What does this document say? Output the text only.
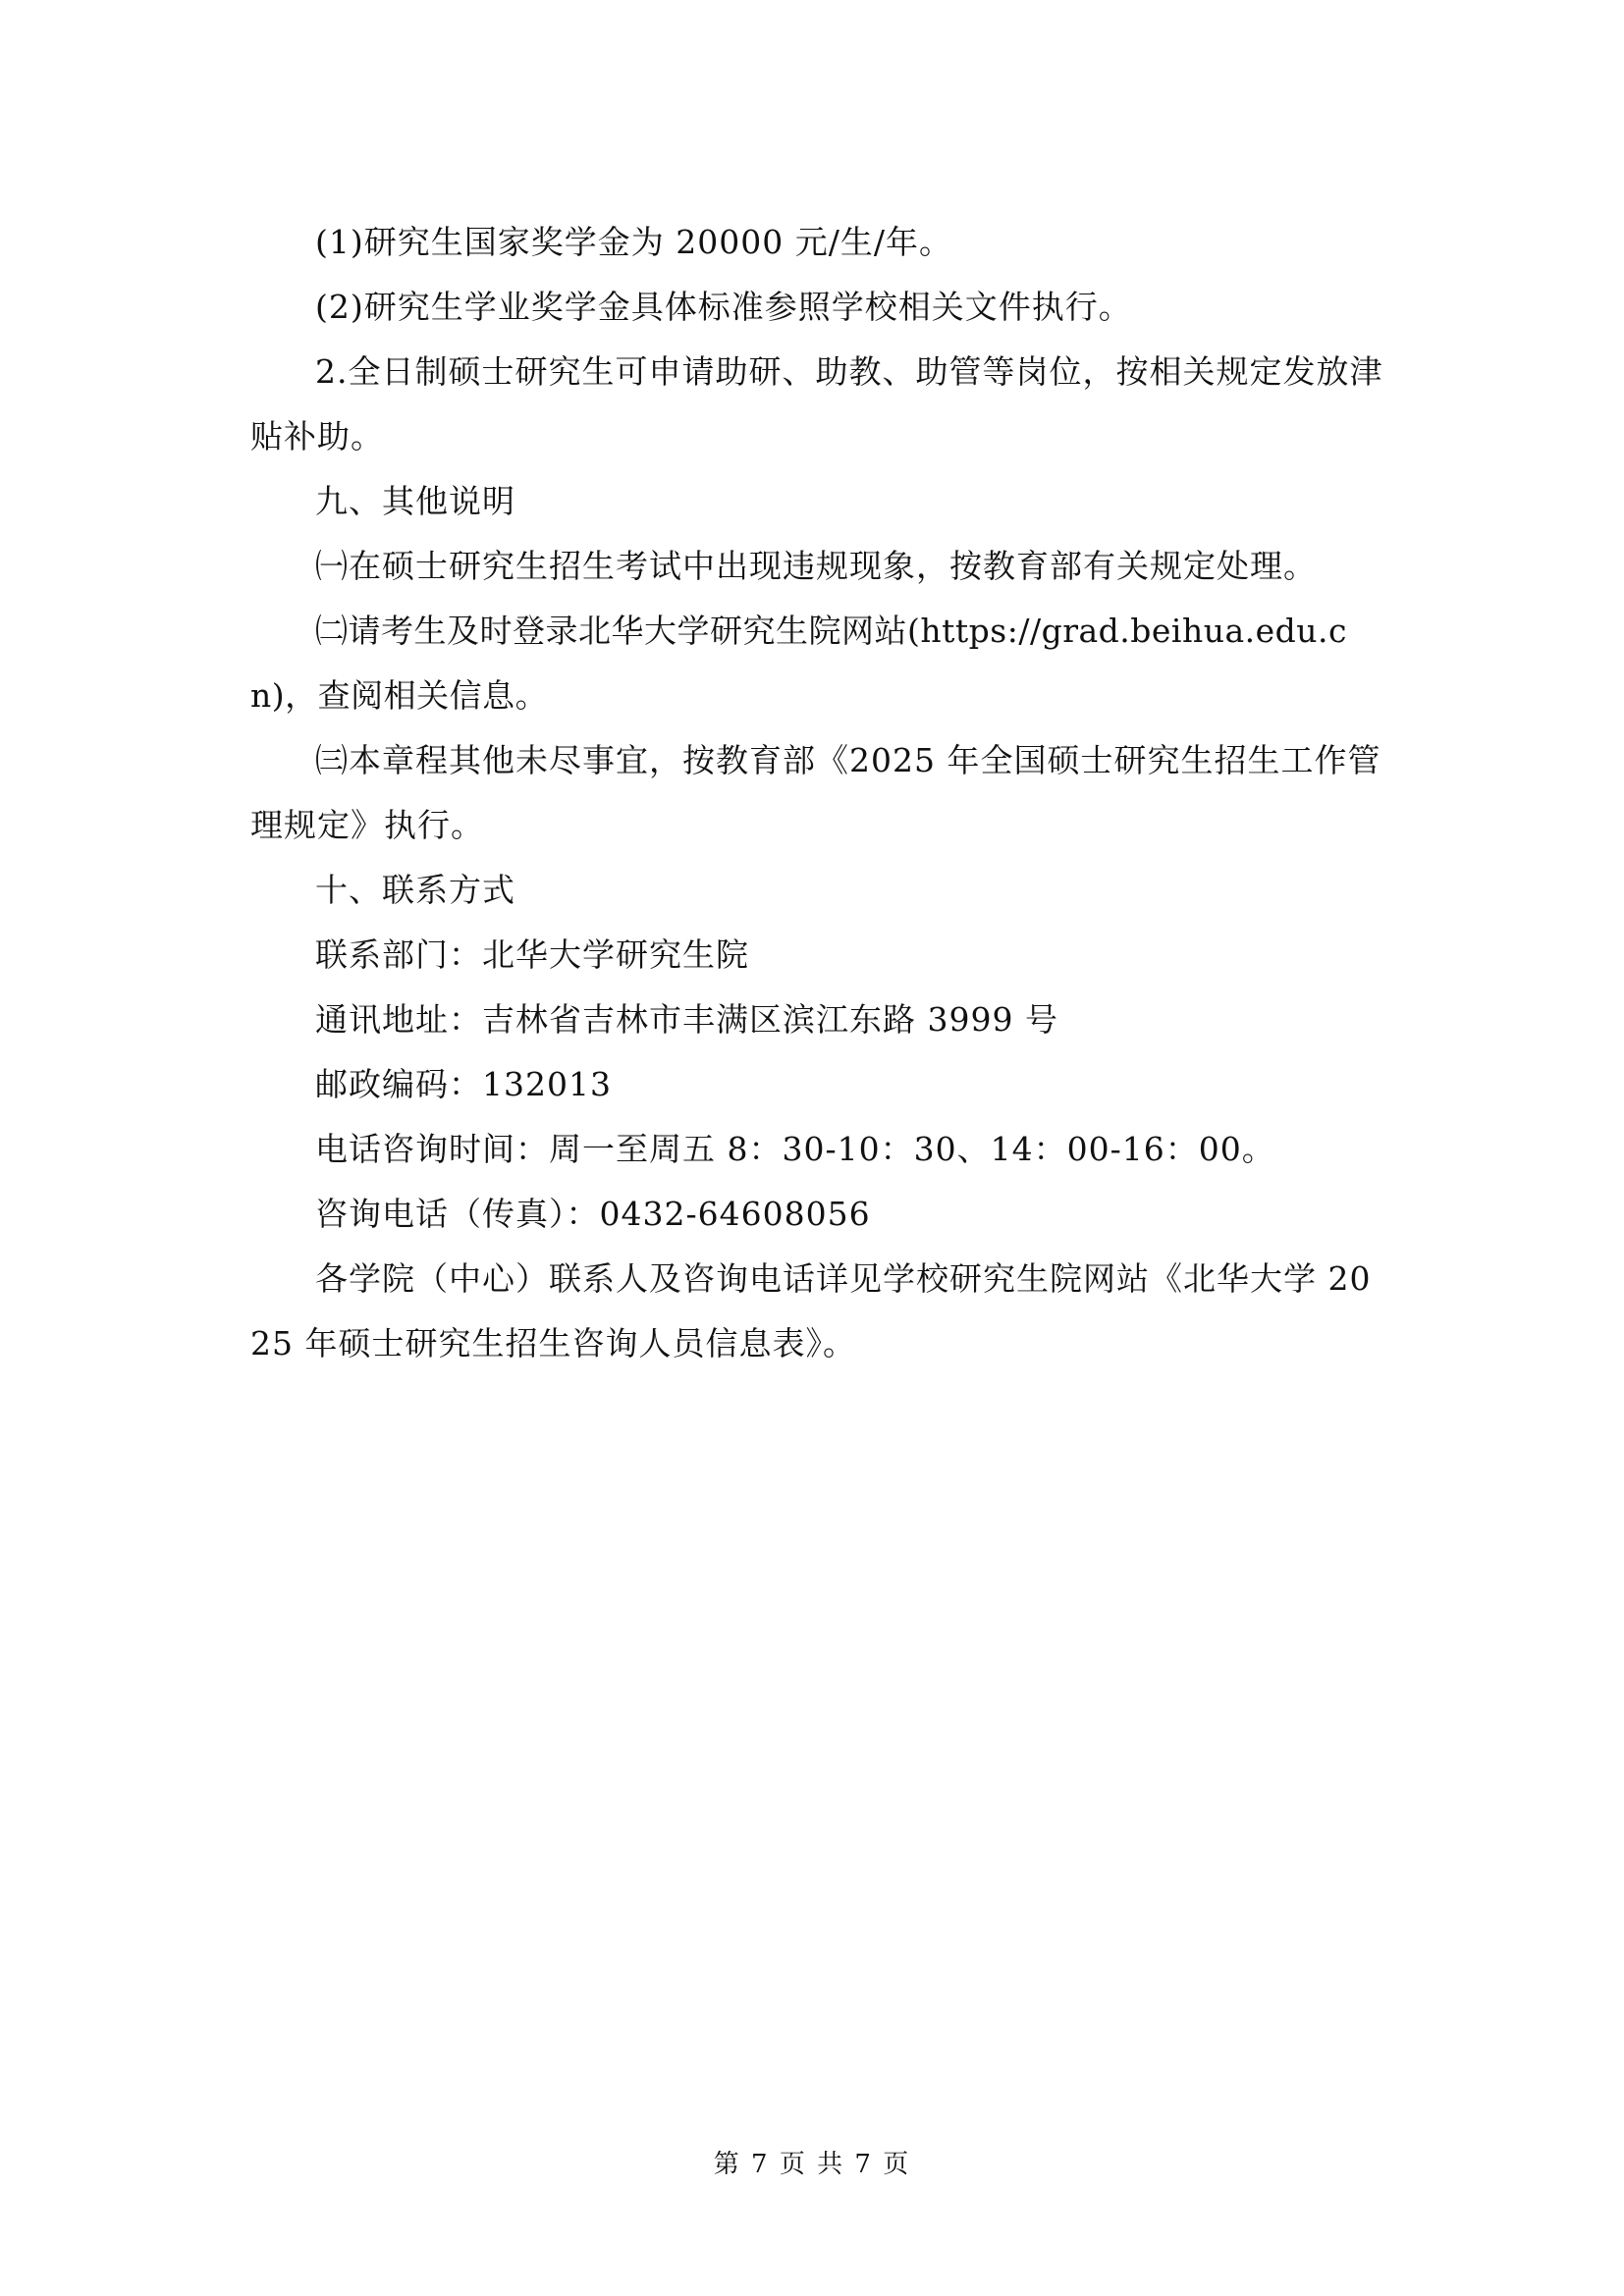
(1)研究生国家奖学金为 20000 元/生/年。

(2)研究生学业奖学金具体标准参照学校相关文件执行。

2.全日制硕士研究生可申请助研、助教、助管等岗位，按相关规定发放津贴补助。

九、其他说明

㈠在硕士研究生招生考试中出现违规现象，按教育部有关规定处理。

㈡请考生及时登录北华大学研究生院网站(https://grad.beihua.edu.cn)，查阅相关信息。

㈢本章程其他未尽事宜，按教育部《2025 年全国硕士研究生招生工作管理规定》执行。

十、联系方式

联系部门：北华大学研究生院

通讯地址：吉林省吉林市丰满区滨江东路 3999 号

邮政编码：132013

电话咨询时间：周一至周五 8：30-10：30、14：00-16：00。

咨询电话（传真）：0432-64608056

各学院（中心）联系人及咨询电话详见学校研究生院网站《北华大学 2025 年硕士研究生招生咨询人员信息表》。

第 7 页 共 7 页
